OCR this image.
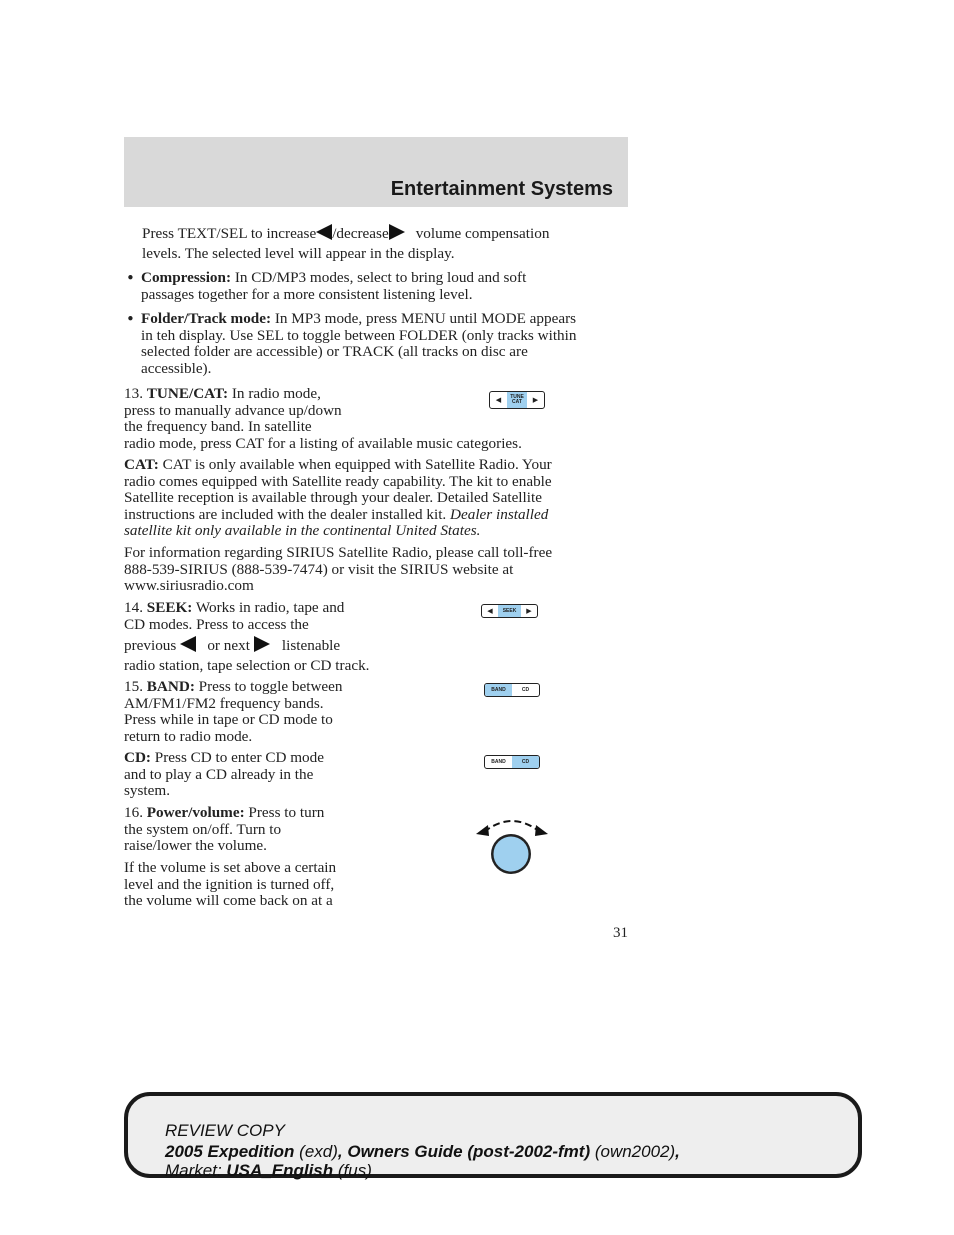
Entertainment Systems
Press TEXT/SEL to increase /decrease volume compensation
levels. The selected level will appear in the display.
• Compression: In CD/MP3 modes, select to bring loud and soft
passages together for a more consistent listening level.
• Folder/Track mode: In MP3 mode, press MENU until MODE appears
in teh display. Use SEL to toggle between FOLDER (only tracks within
selected folder are accessible) or TRACK (all tracks on disc are
accessible).
13. TUNE/CAT: In radio mode,
press to manually advance up/down
the frequency band. In satellite
radio mode, press CAT for a listing of available music categories.
◀ TUNE
CAT ▶
CAT: CAT is only available when equipped with Satellite Radio. Your
radio comes equipped with Satellite ready capability. The kit to enable
Satellite reception is available through your dealer. Detailed Satellite
instructions are included with the dealer installed kit. Dealer installed
satellite kit only available in the continental United States.
For information regarding SIRIUS Satellite Radio, please call toll-free
888-539-SIRIUS (888-539-7474) or visit the SIRIUS website at
www.siriusradio.com
14. SEEK: Works in radio, tape and
CD modes. Press to access the
previous or next listenable
radio station, tape selection or CD track.
◀ SEEK ▶
15. BAND: Press to toggle between
AM/FM1/FM2 frequency bands.
Press while in tape or CD mode to
return to radio mode.
BAND	CD
CD: Press CD to enter CD mode
and to play a CD already in the
system.
BAND	CD
16. Power/volume: Press to turn
the system on/off. Turn to
raise/lower the volume.
If the volume is set above a certain
level and the ignition is turned off,
the volume will come back on at a
31
REVIEW COPY
2005 Expedition (exd), Owners Guide (post-2002-fmt) (own2002),
Market: USA_English (fus)
